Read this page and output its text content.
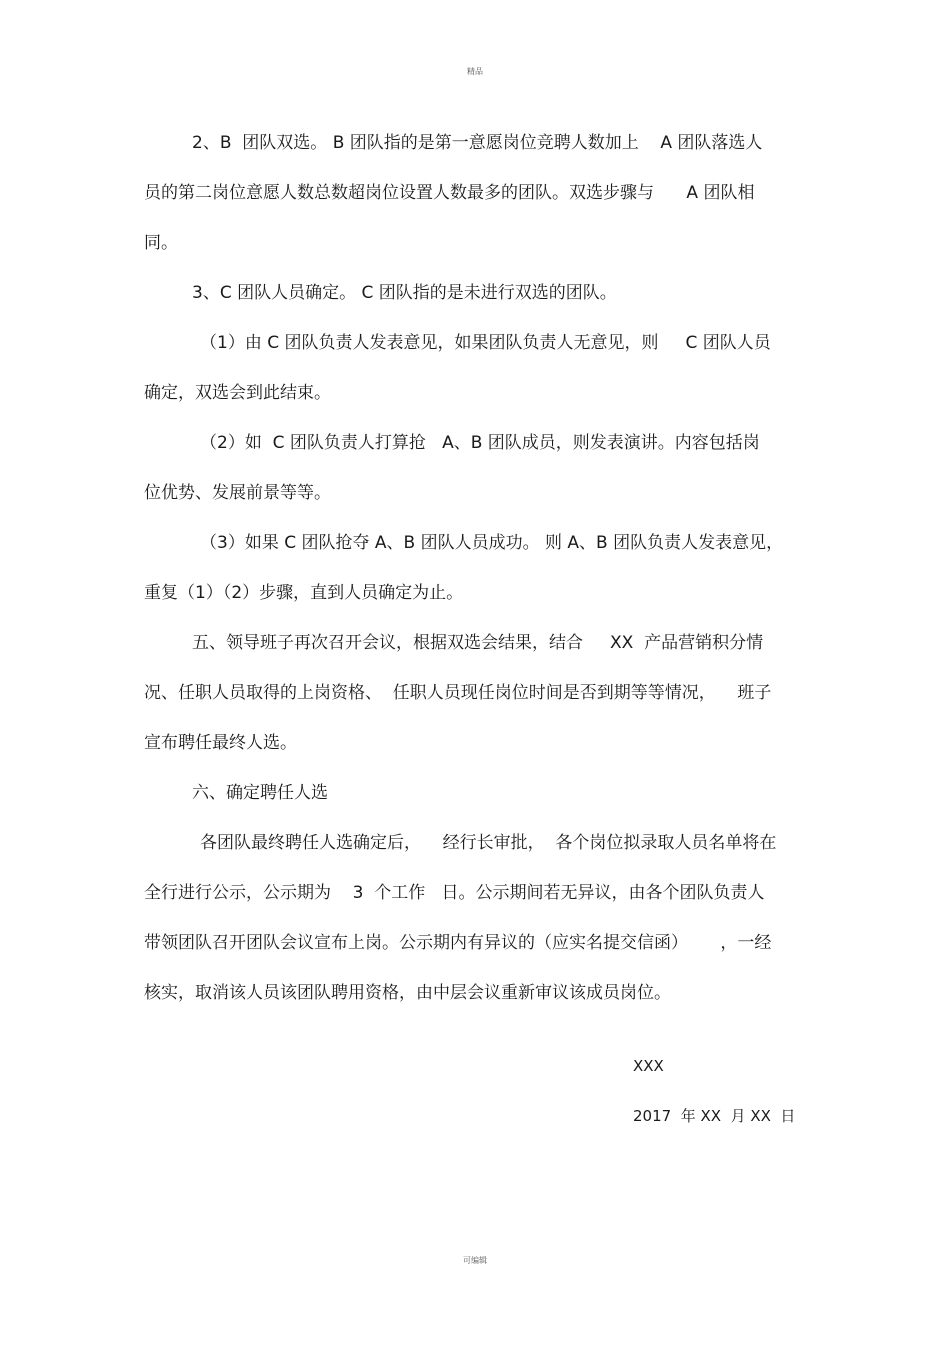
精品
2、B  团队双选。 B 团队指的是第一意愿岗位竞聘人数加上    A 团队落选人
员的第二岗位意愿人数总数超岗位设置人数最多的团队。双选步骤与      A 团队相
同。
3、C 团队人员确定。 C 团队指的是未进行双选的团队。
（1）由 C 团队负责人发表意见，如果团队负责人无意见，则     C 团队人员
确定，双选会到此结束。
（2）如  C 团队负责人打算抢   A、B 团队成员，则发表演讲。内容包括岗
位优势、发展前景等等。
（3）如果 C 团队抢夺 A、B 团队人员成功。 则 A、B 团队负责人发表意见，
重复（1）（2）步骤，直到人员确定为止。
五、领导班子再次召开会议，根据双选会结果，结合     XX  产品营销积分情
况、任职人员取得的上岗资格、  任职人员现任岗位时间是否到期等等情况，    班子
宣布聘任最终人选。
六、确定聘任人选
各团队最终聘任人选确定后，    经行长审批，  各个岗位拟录取人员名单将在
全行进行公示，公示期为    3  个工作   日。公示期间若无异议，由各个团队负责人
带领团队召开团队会议宣布上岗。公示期内有异议的（应实名提交信函）      ，一经
核实，取消该人员该团队聘用资格，由中层会议重新审议该成员岗位。
XXX
2017  年 XX  月 XX  日
可编辑
